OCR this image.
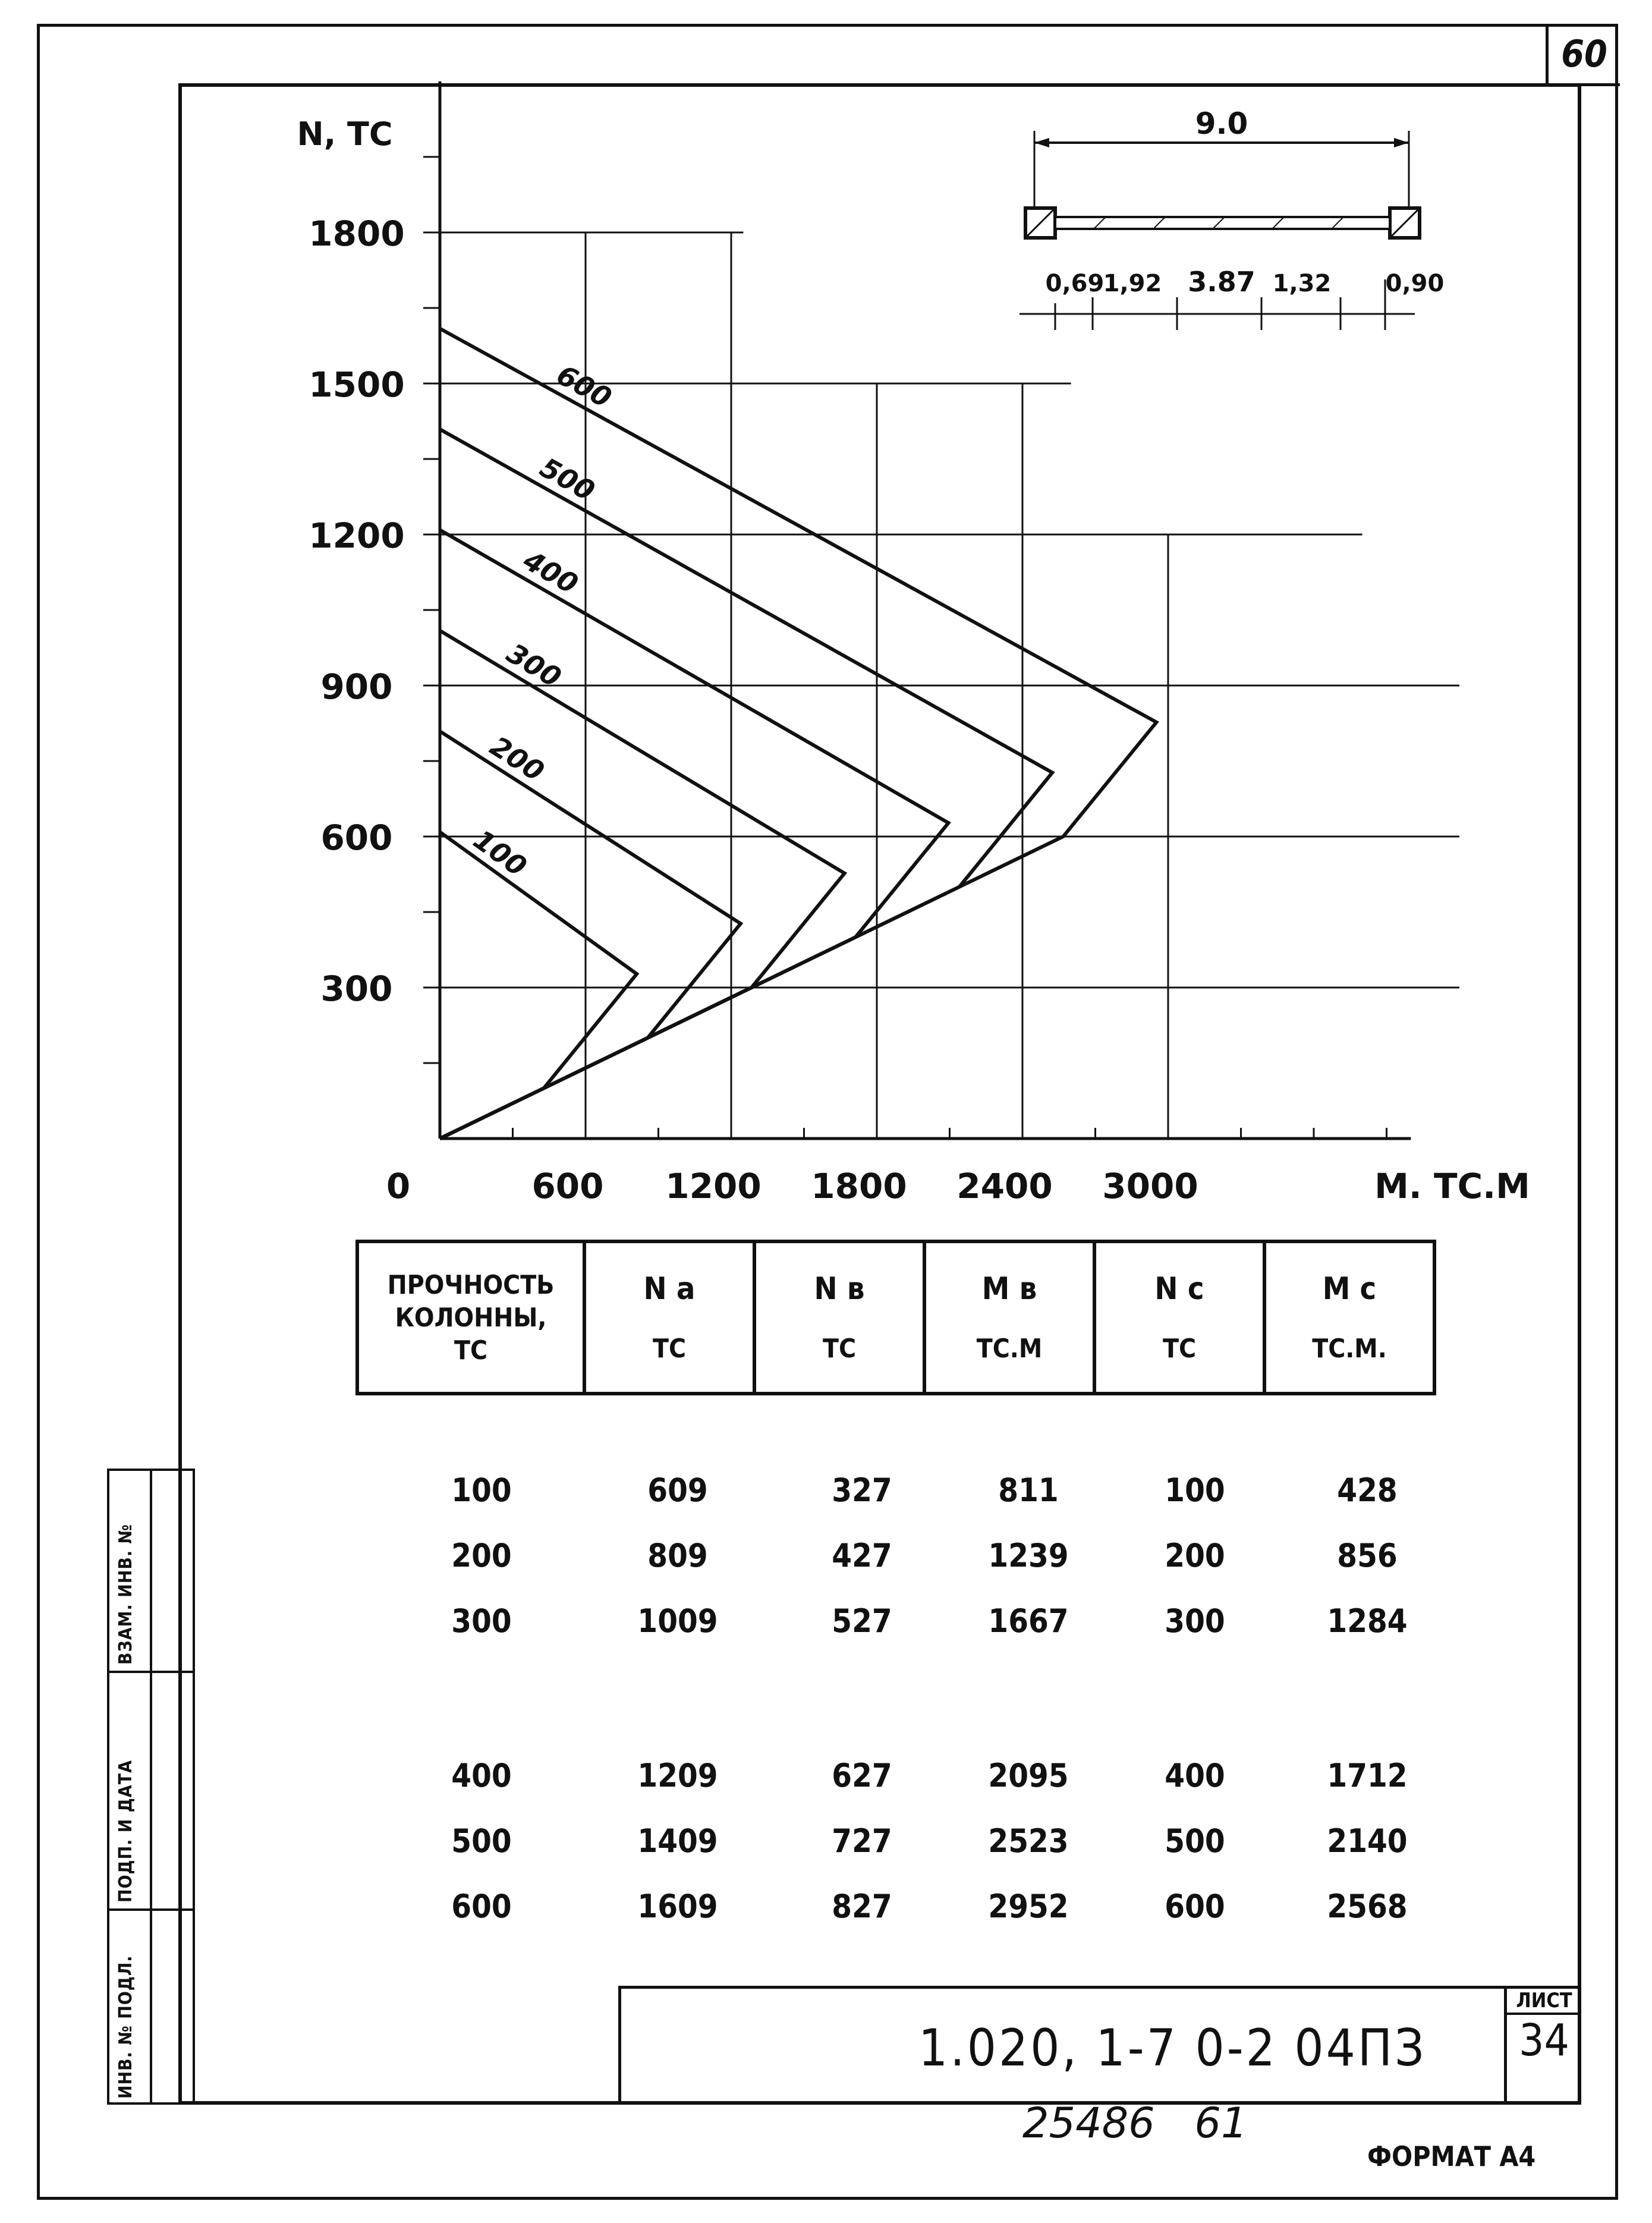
60
300
600
900
1200
1500
1800
600 1200 1800 2400 3000
0
N, ТС
M. TC.M
100
200
300
400
500
600
9.0
0,69
1,92 3.87 1,32 0,90
ПРОЧНОСТЬ
КОЛОННЫ,
ТС

N a
ТС

N в
ТС

M в
ТС.М

N c
ТС

M c
ТС.М.
100	609	327	811	100	428
200	809	427	1239	200	856
300	1009	527	1667	300	1284
400	1209	627	2095	400	1712
500	1409	727	2523	500	2140
600	1609	827	2952	600	2568
ВЗАМ. ИНВ. №
ПОДП. И ДАТА
ИНВ. № ПОДЛ.	1.020, 1-7 0-2 04ПЗ
ЛИСТ
34
25486   61
ФОРМАТ А4
